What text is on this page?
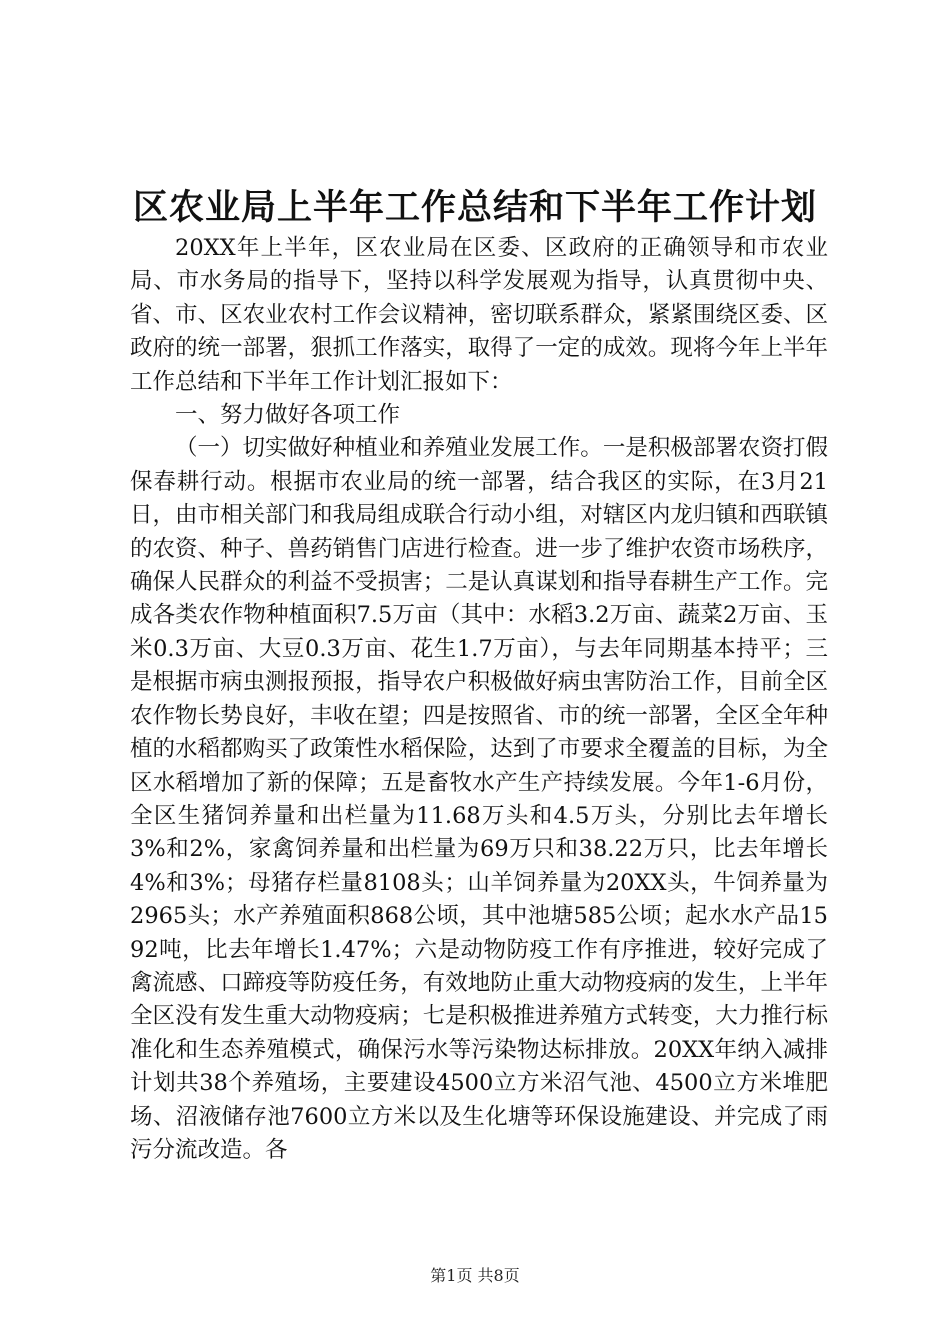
区农业局上半年工作总结和下半年工作计划

20XX年上半年，区农业局在区委、区政府的正确领导和市农业局、市水务局的指导下，坚持以科学发展观为指导，认真贯彻中央、省、市、区农业农村工作会议精神，密切联系群众，紧紧围绕区委、区政府的统一部署，狠抓工作落实，取得了一定的成效。现将今年上半年工作总结和下半年工作计划汇报如下：

一、努力做好各项工作

（一）切实做好种植业和养殖业发展工作。一是积极部署农资打假保春耕行动。根据市农业局的统一部署，结合我区的实际，在3月21日，由市相关部门和我局组成联合行动小组，对辖区内龙归镇和西联镇的农资、种子、兽药销售门店进行检查。进一步了维护农资市场秩序，确保人民群众的利益不受损害；二是认真谋划和指导春耕生产工作。完成各类农作物种植面积7.5万亩（其中：水稻3.2万亩、蔬菜2万亩、玉米0.3万亩、大豆0.3万亩、花生1.7万亩），与去年同期基本持平；三是根据市病虫测报预报，指导农户积极做好病虫害防治工作，目前全区农作物长势良好，丰收在望；四是按照省、市的统一部署，全区全年种植的水稻都购买了政策性水稻保险，达到了市要求全覆盖的目标，为全区水稻增加了新的保障；五是畜牧水产生产持续发展。今年1-6月份，全区生猪饲养量和出栏量为11.68万头和4.5万头，分别比去年增长3%和2%，家禽饲养量和出栏量为69万只和38.22万只，比去年增长4%和3%；母猪存栏量8108头；山羊饲养量为20XX头，牛饲养量为2965头；水产养殖面积868公顷，其中池塘585公顷；起水水产品1592吨，比去年增长1.47%；六是动物防疫工作有序推进，较好完成了禽流感、口蹄疫等防疫任务，有效地防止重大动物疫病的发生，上半年全区没有发生重大动物疫病；七是积极推进养殖方式转变，大力推行标准化和生态养殖模式，确保污水等污染物达标排放。20XX年纳入减排计划共38个养殖场，主要建设4500立方米沼气池、4500立方米堆肥场、沼液储存池7600立方米以及生化塘等环保设施建设、并完成了雨污分流改造。各

第1页 共8页
